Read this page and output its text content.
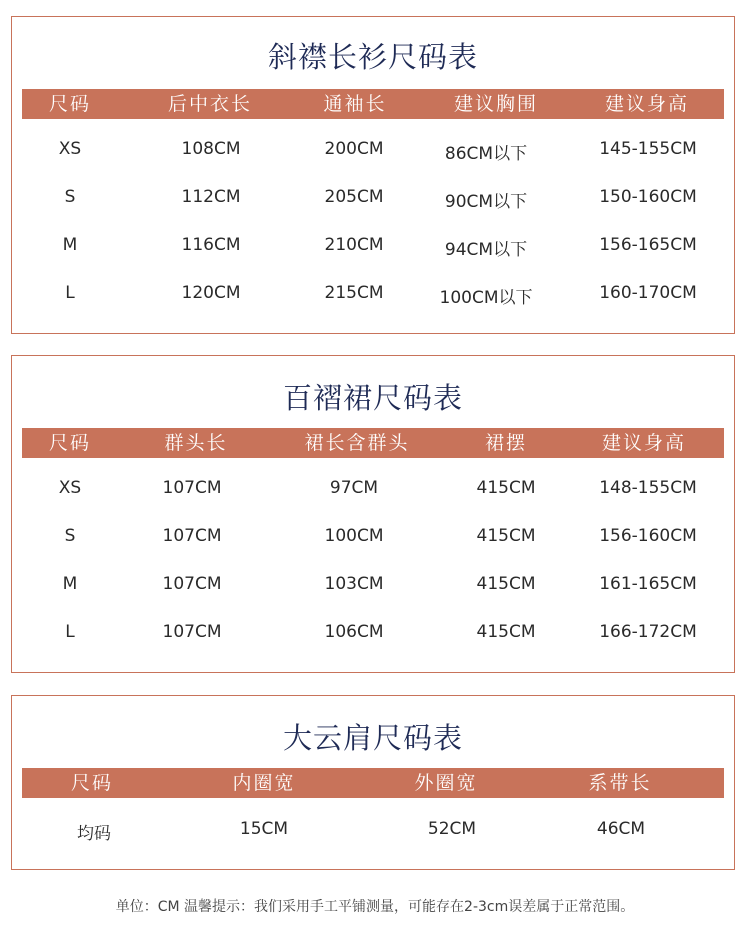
斜襟长衫尺码表
尺码	后中衣长	通袖长	建议胸围	建议身高
XS	108CM	200CM	86CM以下	145-155CM
S	112CM	205CM	90CM以下	150-160CM
M	116CM	210CM	94CM以下	156-165CM
L	120CM	215CM	100CM以下	160-170CM
百褶裙尺码表
尺码	群头长	裙长含群头	裙摆	建议身高
XS	107CM	97CM	415CM	148-155CM
S	107CM	100CM	415CM	156-160CM
M	107CM	103CM	415CM	161-165CM
L	107CM	106CM	415CM	166-172CM
大云肩尺码表
尺码	内圈宽	外圈宽	系带长
均码	15CM	52CM	46CM
单位：CM 温馨提示：我们采用手工平铺测量，可能存在2-3cm误差属于正常范围。
